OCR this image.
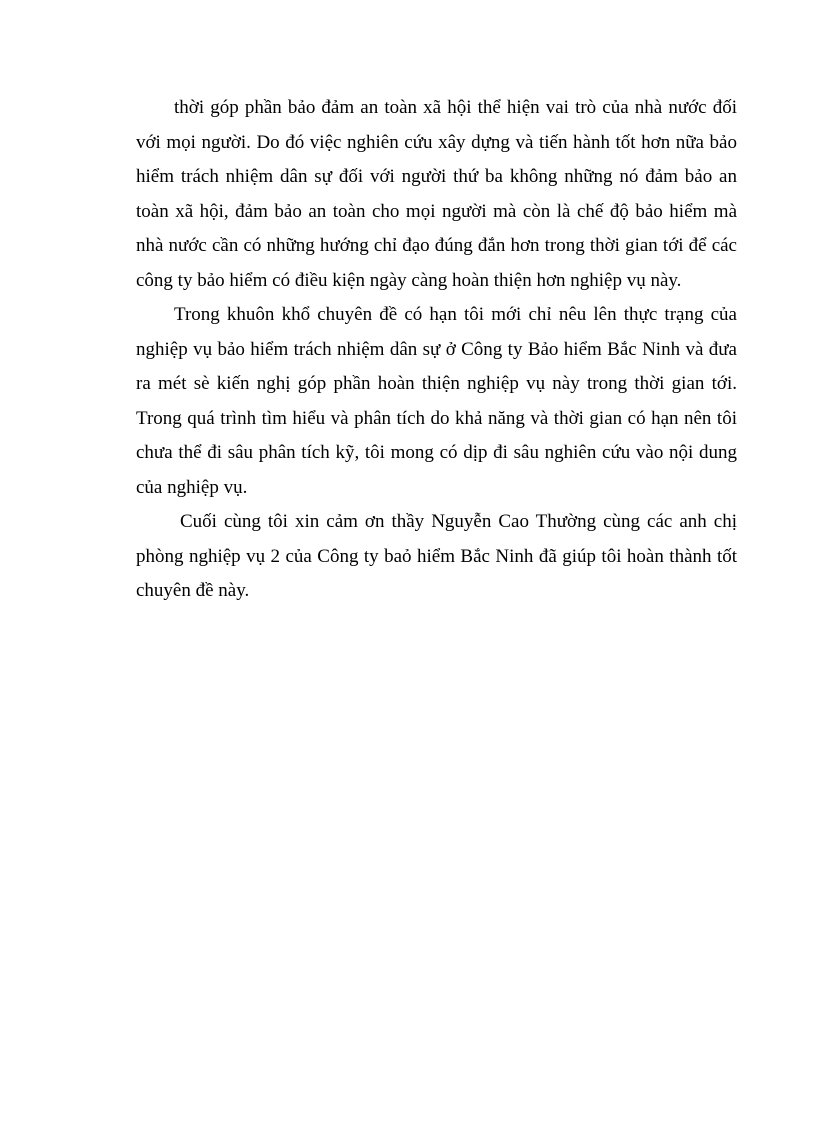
thời góp phần bảo đảm an toàn xã hội thể hiện vai trò của nhà nước đối với mọi người. Do đó việc nghiên cứu xây dựng và tiến hành tốt hơn nữa bảo hiểm trách nhiệm dân sự đối với người thứ ba không những nó đảm bảo an toàn xã hội, đảm bảo an toàn cho mọi người mà còn là chế độ bảo hiểm mà nhà nước cần có những hướng chỉ đạo đúng đắn hơn trong thời gian tới để các công ty bảo hiểm có điều kiện ngày càng hoàn thiện hơn nghiệp vụ này.

Trong khuôn khổ chuyên đề có hạn tôi mới chỉ nêu lên thực trạng của nghiệp vụ bảo hiểm trách nhiệm dân sự ở Công ty Bảo hiểm Bắc Ninh và đưa ra mét sè kiến nghị góp phần hoàn thiện nghiệp vụ này trong thời gian tới. Trong quá trình tìm hiểu và phân tích do khả năng và thời gian có hạn nên tôi chưa thể đi sâu phân tích kỹ, tôi mong có dịp đi sâu nghiên cứu vào nội dung của nghiệp vụ.

Cuối cùng tôi xin cảm ơn thầy Nguyễn Cao Thường cùng các anh chị phòng nghiệp vụ 2 của Công ty baỏ hiểm Bắc Ninh đã giúp tôi hoàn thành tốt chuyên đề này.
